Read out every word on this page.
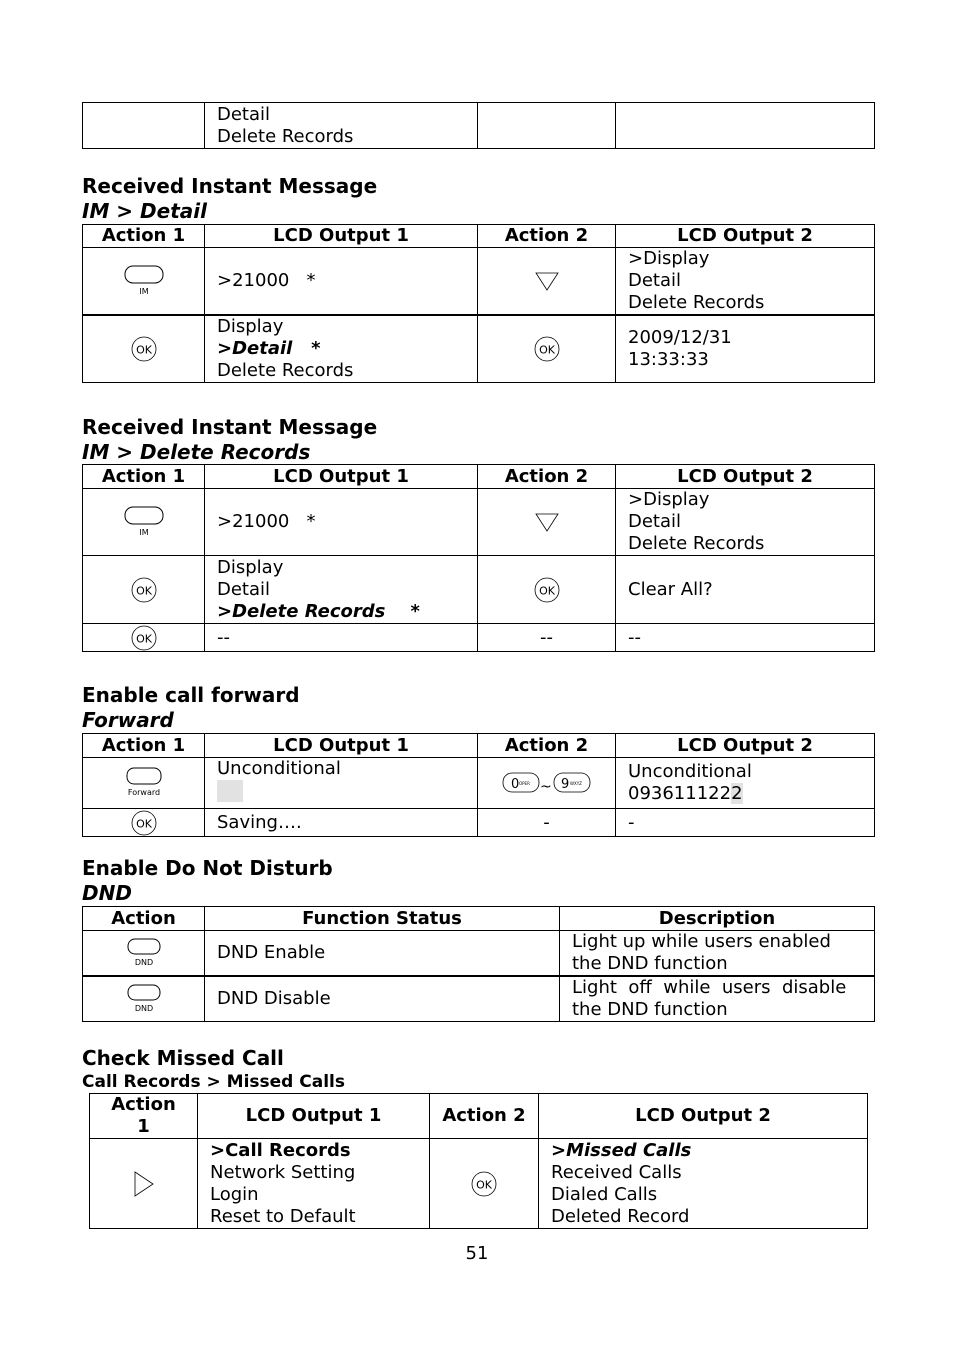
Detail
Delete Records

Received Instant Message
IM > Detail
Action 1	LCD Output 1	Action 2	LCD Output 2

IM	>21000   *		>Display
Detail
Delete Records

OK	Display
>Detail   *
Delete Records	OK	2009/12/31
13:33:33
Received Instant Message
IM > Delete Records
Action 1	LCD Output 1	Action 2	LCD Output 2

IM	>21000   *		>Display
Detail
Delete Records

OK	Display
Detail
>Delete Records    *	OK	Clear All?

OK	--	--	--
Enable call forward
Forward
Action 1	LCD Output 1	Action 2	LCD Output 2

Forward	Unconditional	0 OPER ~ 9 WXYZ	Unconditional
0936111222

OK	Saving….	-	-
Enable Do Not Disturb
DND
Action	Function Status	Description

DND	DND Enable	Light up while users enabled
the DND function

DND	DND Disable	Light  off  while  users  disable
the DND function
Check Missed Call
Call Records > Missed Calls
Action
1	LCD Output 1	Action 2	LCD Output 2

>Call Records
Network Setting
Login
Reset to Default	OK	>Missed Calls
Received Calls
Dialed Calls
Deleted Record
51
